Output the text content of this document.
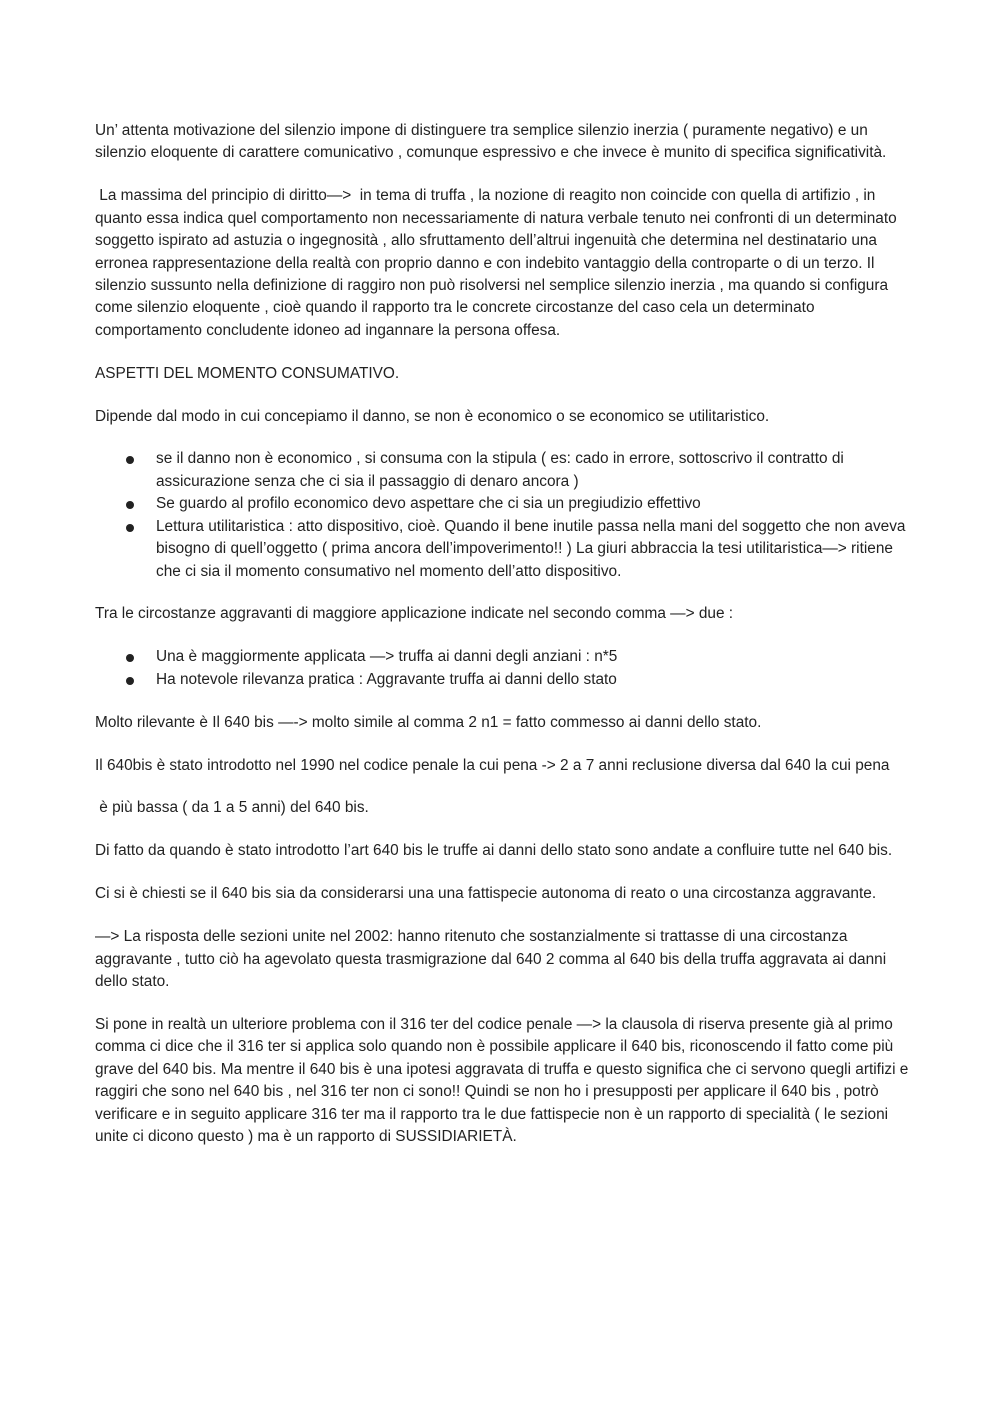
Un’ attenta motivazione del silenzio impone di distinguere tra semplice silenzio inerzia ( puramente negativo) e un silenzio eloquente di carattere comunicativo , comunque espressivo e che invece è munito di specifica significatività.

La massima del principio di diritto—>  in tema di truffa , la nozione di reagito non coincide con quella di artifizio , in quanto essa indica quel comportamento non necessariamente di natura verbale tenuto nei confronti di un determinato soggetto ispirato ad astuzia o ingegnosità , allo sfruttamento dell’altrui ingenuità che determina nel destinatario una erronea rappresentazione della realtà con proprio danno e con indebito vantaggio della controparte o di un terzo. Il silenzio sussunto nella definizione di raggiro non può risolversi nel semplice silenzio inerzia , ma quando si configura come silenzio eloquente , cioè quando il rapporto tra le concrete circostanze del caso cela un determinato comportamento concludente idoneo ad ingannare la persona offesa.

ASPETTI DEL MOMENTO CONSUMATIVO.

Dipende dal modo in cui concepiamo il danno, se non è economico o se economico se utilitaristico.

se il danno non è economico , si consuma con la stipula ( es: cado in errore, sottoscrivo il contratto di assicurazione senza che ci sia il passaggio di denaro ancora )
Se guardo al profilo economico devo aspettare che ci sia un pregiudizio effettivo
Lettura utilitaristica : atto dispositivo, cioè. Quando il bene inutile passa nella mani del soggetto che non aveva bisogno di quell’oggetto ( prima ancora dell’impoverimento!! ) La giuri abbraccia la tesi utilitaristica—> ritiene che ci sia il momento consumativo nel momento dell’atto dispositivo.

Tra le circostanze aggravanti di maggiore applicazione indicate nel secondo comma —> due :

Una è maggiormente applicata —> truffa ai danni degli anziani : n*5
Ha notevole rilevanza pratica : Aggravante truffa ai danni dello stato

Molto rilevante è Il 640 bis —-> molto simile al comma 2 n1 = fatto commesso ai danni dello stato.

Il 640bis è stato introdotto nel 1990 nel codice penale la cui pena -> 2 a 7 anni reclusione diversa dal 640 la cui pena

è più bassa ( da 1 a 5 anni) del 640 bis.

Di fatto da quando è stato introdotto l’art 640 bis le truffe ai danni dello stato sono andate a confluire tutte nel 640 bis.

Ci si è chiesti se il 640 bis sia da considerarsi una una fattispecie autonoma di reato o una circostanza aggravante.

—> La risposta delle sezioni unite nel 2002: hanno ritenuto che sostanzialmente si trattasse di una circostanza aggravante , tutto ciò ha agevolato questa trasmigrazione dal 640 2 comma al 640 bis della truffa aggravata ai danni dello stato.

Si pone in realtà un ulteriore problema con il 316 ter del codice penale —> la clausola di riserva presente già al primo comma ci dice che il 316 ter si applica solo quando non è possibile applicare il 640 bis, riconoscendo il fatto come più grave del 640 bis. Ma mentre il 640 bis è una ipotesi aggravata di truffa e questo significa che ci servono quegli artifizi e raggiri che sono nel 640 bis , nel 316 ter non ci sono!! Quindi se non ho i presupposti per applicare il 640 bis , potrò verificare e in seguito applicare 316 ter ma il rapporto tra le due fattispecie non è un rapporto di specialità ( le sezioni unite ci dicono questo ) ma è un rapporto di SUSSIDIARIETÀ.
